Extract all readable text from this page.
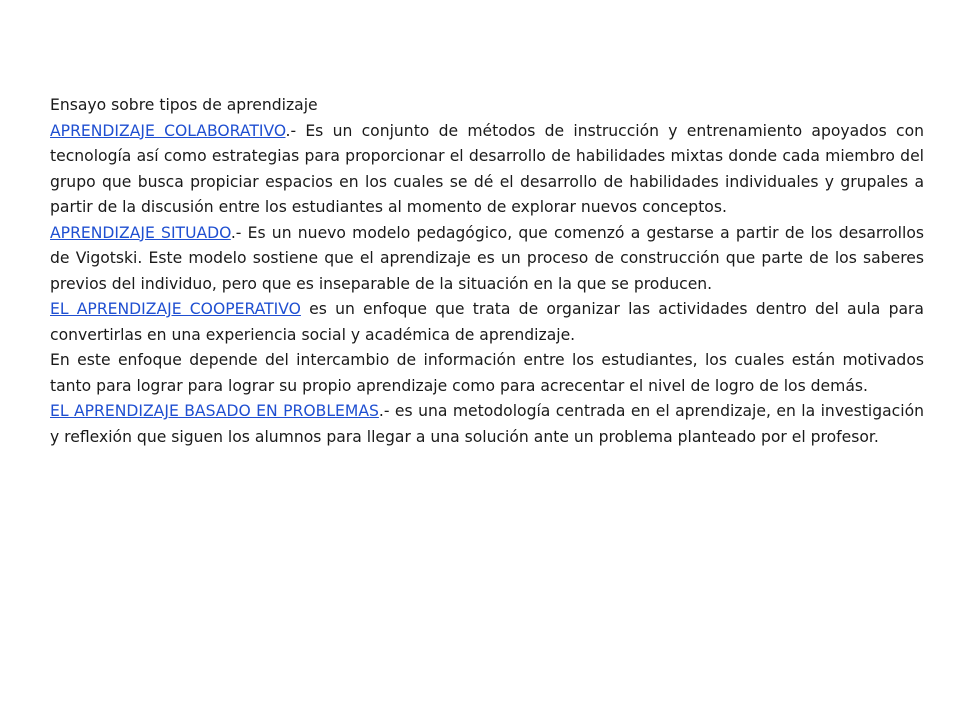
Ensayo sobre tipos de aprendizaje

APRENDIZAJE COLABORATIVO.- Es un conjunto de métodos de instrucción y entrenamiento apoyados con tecnología así como estrategias para proporcionar el desarrollo de habilidades mixtas donde cada miembro del grupo que busca propiciar espacios en los cuales se dé el desarrollo de habilidades individuales y grupales a partir de la discusión entre los estudiantes al momento de explorar nuevos conceptos.

APRENDIZAJE SITUADO.- Es un nuevo modelo pedagógico, que comenzó a gestarse a partir de los desarrollos de Vigotski. Este modelo sostiene que el aprendizaje es un proceso de construcción que parte de los saberes previos del individuo, pero que es inseparable de la situación en la que se producen.

EL APRENDIZAJE COOPERATIVO es un enfoque que trata de organizar las actividades dentro del aula para convertirlas en una experiencia social y académica de aprendizaje.

En este enfoque depende del intercambio de información entre los estudiantes, los cuales están motivados tanto para lograr para lograr su propio aprendizaje como para acrecentar el nivel de logro de los demás.

EL APRENDIZAJE BASADO EN PROBLEMAS.- es una metodología centrada en el aprendizaje, en la investigación y reflexión que siguen los alumnos para llegar a una solución ante un problema planteado por el profesor.
